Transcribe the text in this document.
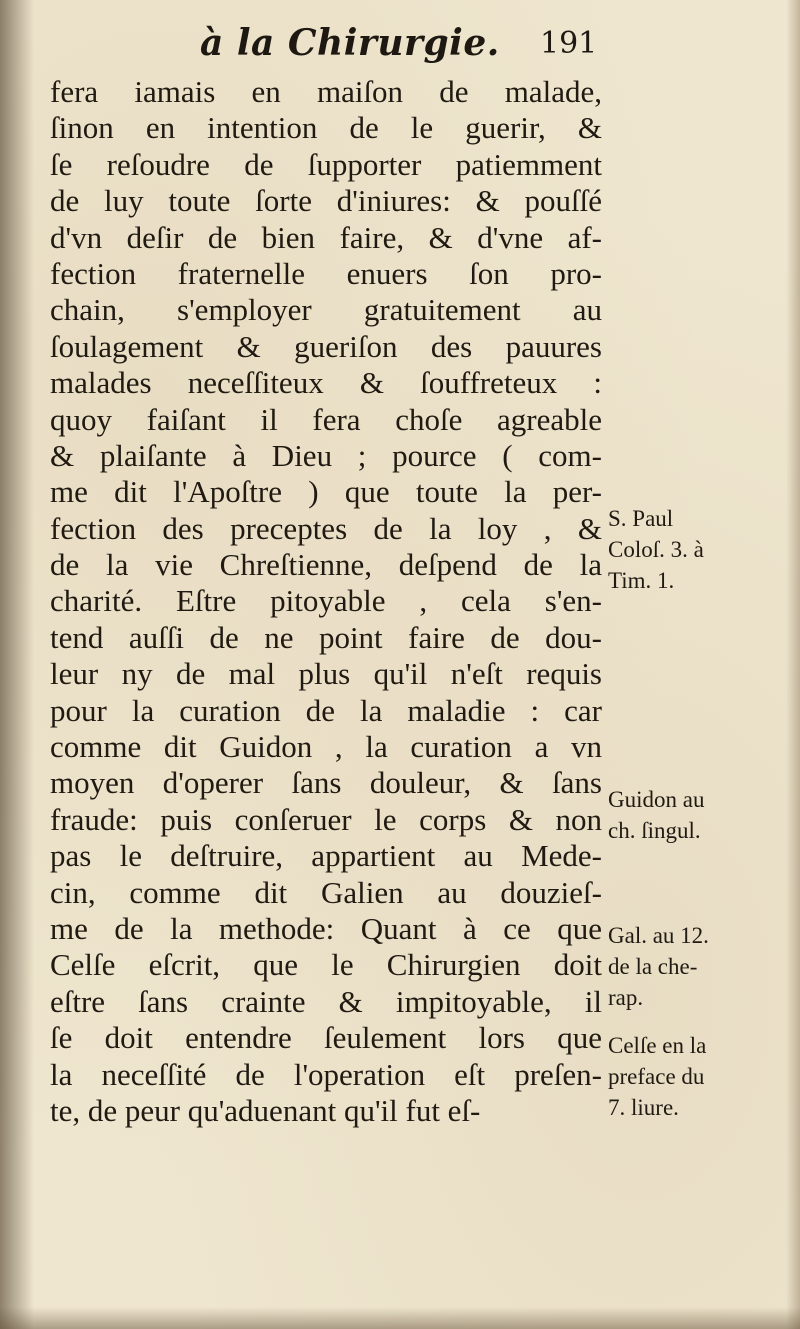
à la Chirurgie. 191
fera iamais en maiſon de malade,
ſinon en intention de le guerir, &
ſe reſoudre de ſupporter patiemment
de luy toute ſorte d'iniures: & pouſſé
d'vn deſir de bien faire, & d'vne af-
fection fraternelle enuers ſon pro-
chain, s'employer gratuitement au
ſoulagement & gueriſon des pauures
malades neceſſiteux & ſouffreteux :
quoy faiſant il fera choſe agreable
& plaiſante à Dieu ; pource ( com-
me dit l'Apoſtre ) que toute la per-
fection des preceptes de la loy , &
de la vie Chreſtienne, deſpend de la
charité. Eſtre pitoyable , cela s'en-
tend auſſi de ne point faire de dou-
leur ny de mal plus qu'il n'eſt requis
pour la curation de la maladie : car
comme dit Guidon , la curation a vn
moyen d'operer ſans douleur, & ſans
fraude: puis conſeruer le corps & non
pas le deſtruire, appartient au Mede-
cin, comme dit Galien au douzieſ-
me de la methode: Quant à ce que
Celſe eſcrit, que le Chirurgien doit
eſtre ſans crainte & impitoyable, il
ſe doit entendre ſeulement lors que
la neceſſité de l'operation eſt preſen-
te, de peur qu'aduenant qu'il fut eſ-
S. Paul
Coloſ. 3. à
Tim. 1.
Guidon au
ch. ſingul.
Gal. au 12.
de la che-
rap.
Celſe en la
preface du
7. liure.
